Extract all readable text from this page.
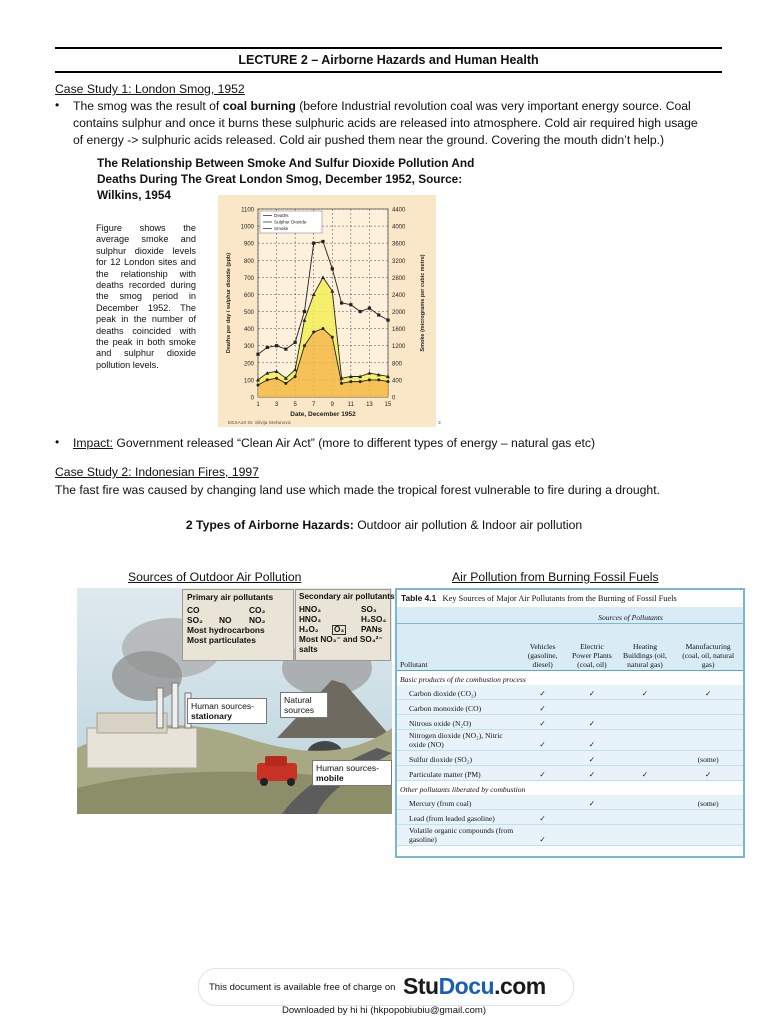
LECTURE 2 – Airborne Hazards and Human Health
Case Study 1: London Smog, 1952
• The smog was the result of coal burning (before Industrial revolution coal was very important energy source. Coal
contains sulphur and once it burns these sulphuric acids are released into atmosphere. Cold air required high usage
of energy -> sulphuric acids released. Cold air pushed them near the ground. Covering the mouth didn’t help.)
The Relationship Between Smoke And Sulfur Dioxide Pollution And
Deaths During The Great London Smog, December 1952, Source:
Wilkins, 1954
Figure shows the average smoke and sulphur dioxide levels for 12 London sites and the relationship with deaths recorded during the smog period in December 1952. The peak in the number of deaths coincided with the peak in both smoke and sulphur dioxide pollution levels.
0	0
100	400
200	800
300	1200
400	1600
500	2000
600	2400
700	2800
800	3200
900	3600
1000	4000
1100	4400
1	3	5	7	9 11 13 15
Date, December 1952
Deaths per day / sulphur dioxide (ppb)	Smoke (micrograms per cubic metre)
Deaths
Sulphur Dioxide
Smoke
EESA10 Dr. Silvija Stefanovic	3
• Impact: Government released “Clean Air Act” (more to different types of energy – natural gas etc)
Case Study 2: Indonesian Fires, 1997
The fast fire was caused by changing land use which made the tropical forest vulnerable to fire during a drought.
2 Types of Airborne Hazards: Outdoor air pollution & Indoor air pollution
Sources of Outdoor Air Pollution	Air Pollution from Burning Fossil Fuels
Primary air pollutants
CO	CO₂
SO₂ NO NO₂
Most hydrocarbons
Most particulates
Secondary air pollutants
HNO₃	SO₃
HNO₃	H₂SO₄
H₂O₂ O₃ PANs
Most NO₃⁻ and SO₄²⁻
salts
Human sources-
stationary
Natural
sources
Human sources-
mobile
Table 4.1 Key Sources of Major Air Pollutants from the Burning of Fossil Fuels
	Sources of Pollutants			
Pollutant	Vehicles (gasoline, diesel)	Electric Power Plants (coal, oil)	Heating Buildings (oil, natural gas)	Manufacturing (coal, oil, natural gas)
Basic products of the combustion process				
Carbon dioxide (CO₂)	✓	✓	✓	✓
Carbon monoxide (CO)	✓			
Nitrous oxide (N₂O)	✓	✓		
Nitrogen dioxide (NO₂), Nitric oxide (NO)	✓	✓		
Sulfur dioxide (SO₂)		✓		(some)
Particulate matter (PM)	✓	✓	✓	✓
Other pollutants liberated by combustion				
Mercury (from coal)		✓		(some)
Lead (from leaded gasoline)	✓			
Volatile organic compounds (from gasoline)	✓			
This document is available free of charge on StuDocu.com
Downloaded by hi hi (hkpopobiubiu@gmail.com)
